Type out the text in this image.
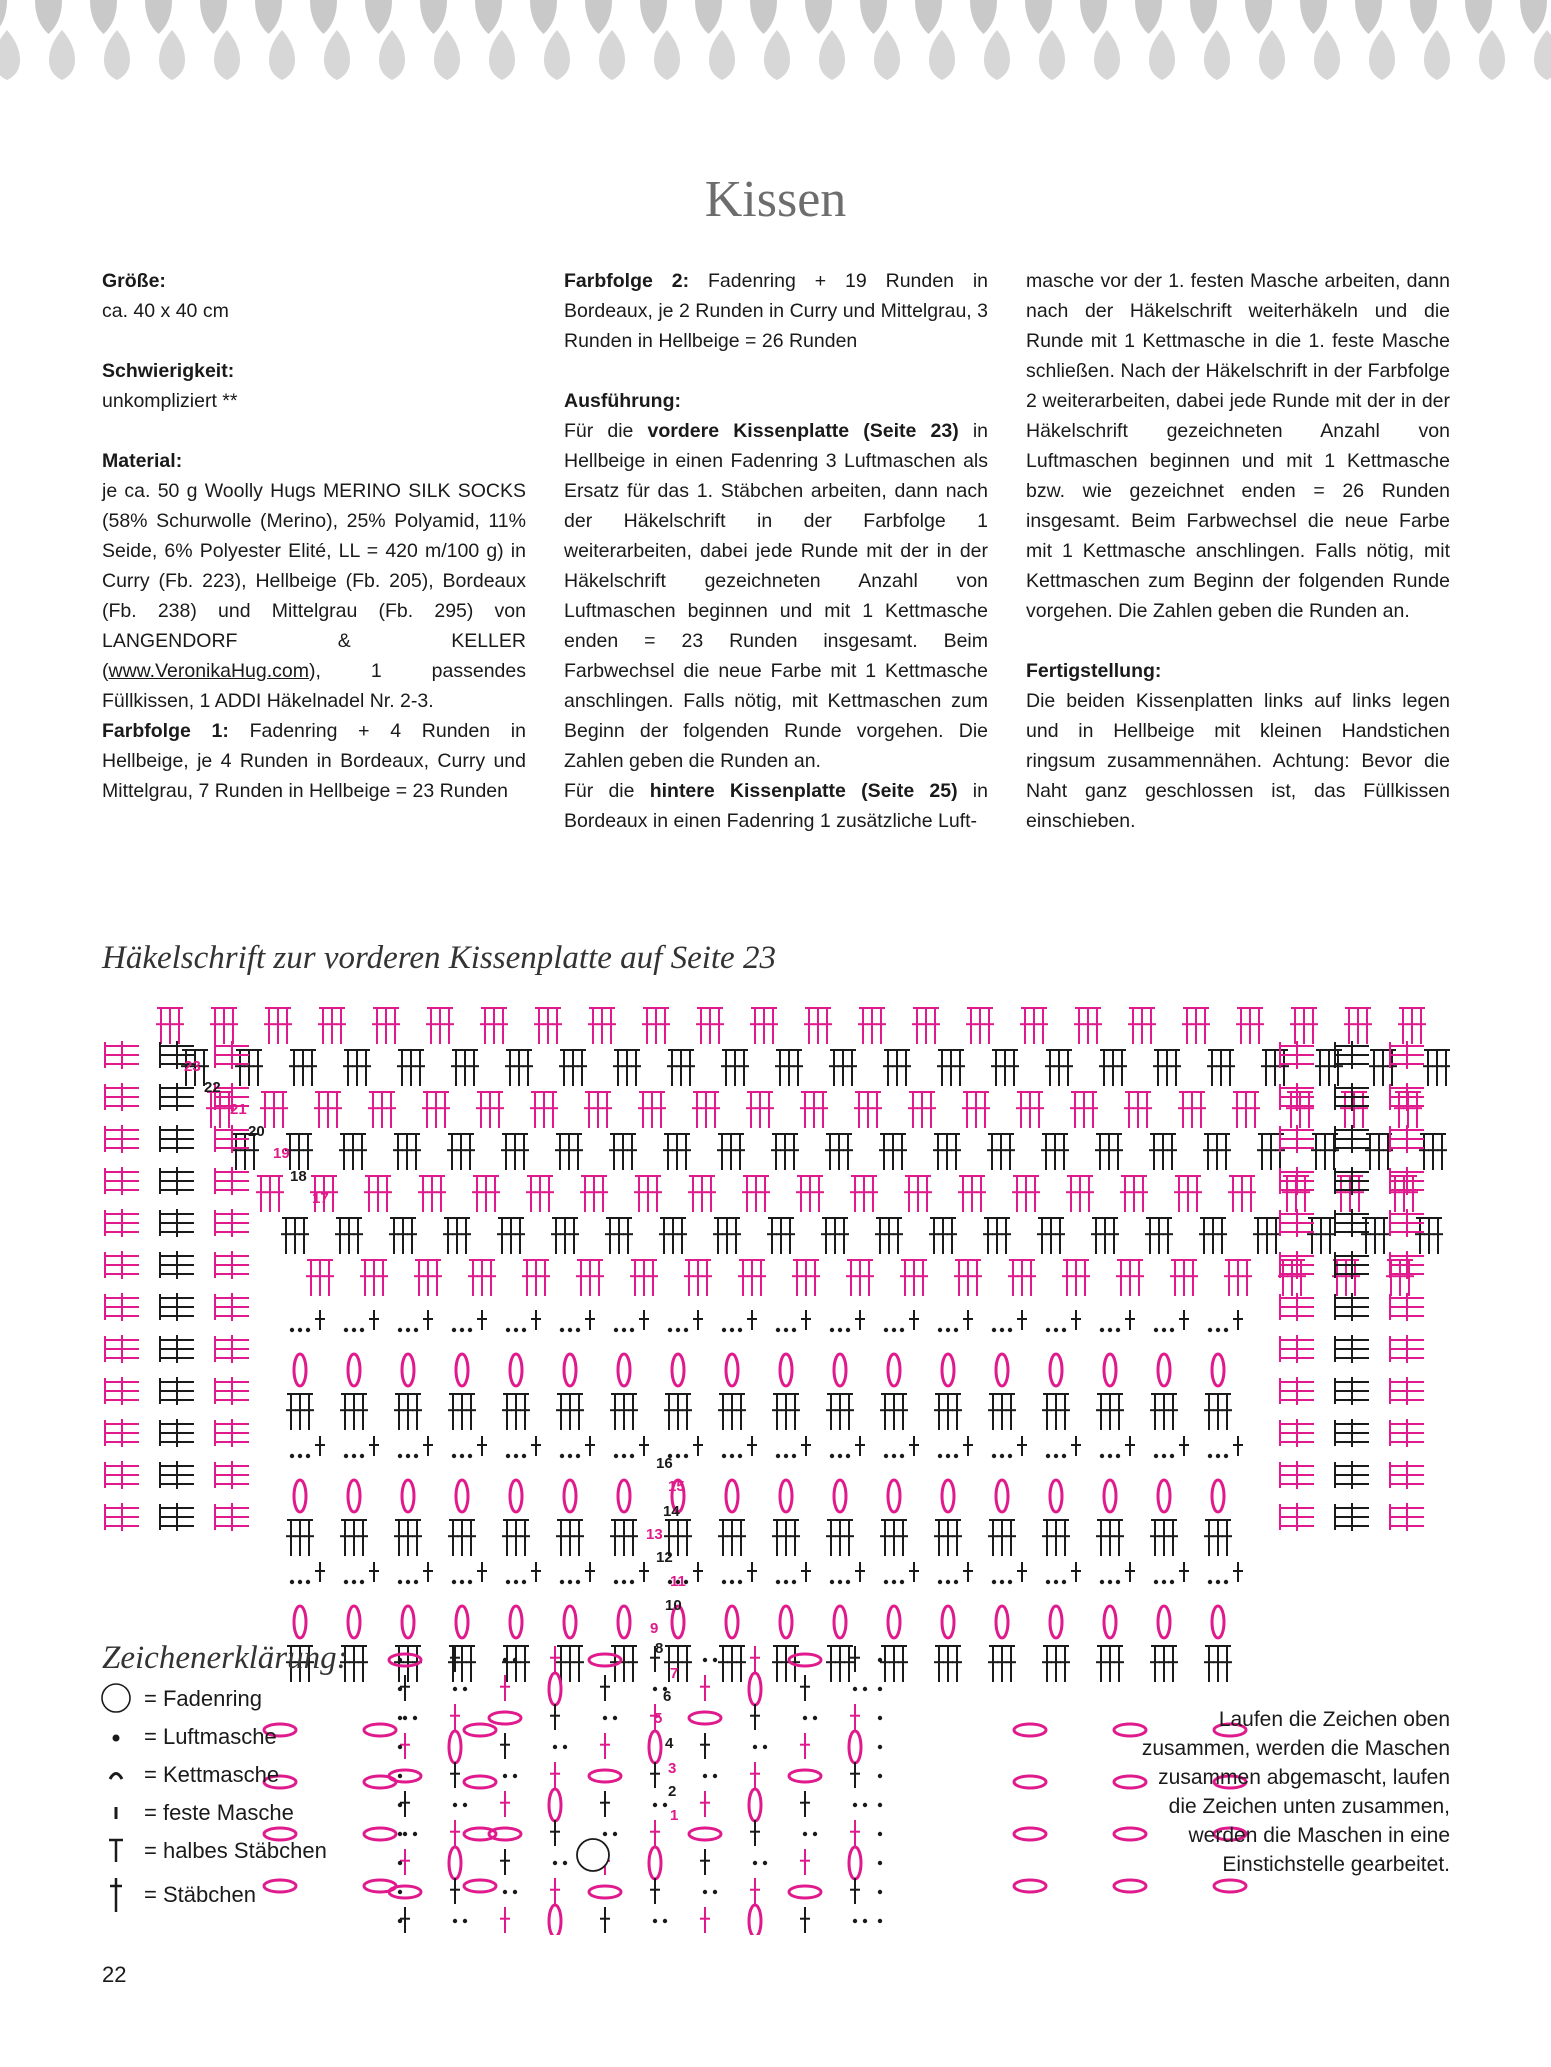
Kissen

Größe:

ca. 40 x 40 cm

Schwierigkeit:

unkompliziert **

Material:

je ca. 50 g Woolly Hugs MERINO SILK SOCKS (58% Schurwolle (Merino), 25% Polyamid, 11% Seide, 6% Polyester Elité, LL = 420 m/100 g) in Curry (Fb. 223), Hellbeige (Fb. 205), Bordeaux (Fb. 238) und Mittelgrau (Fb. 295) von LANGENDORF & KELLER (www.VeronikaHug.com), 1 passendes Füllkissen, 1 ADDI Häkelnadel Nr. 2-3.

Farbfolge 1: Fadenring + 4 Runden in Hellbeige, je 4 Runden in Bordeaux, Curry und Mittelgrau, 7 Runden in Hellbeige = 23 Runden

Farbfolge 2: Fadenring + 19 Runden in Bordeaux, je 2 Runden in Curry und Mittelgrau, 3 Runden in Hellbeige = 26 Runden

Ausführung:

Für die vordere Kissenplatte (Seite 23) in Hellbeige in einen Fadenring 3 Luftmaschen als Ersatz für das 1. Stäbchen arbeiten, dann nach der Häkelschrift in der Farbfolge 1 weiterarbeiten, dabei jede Runde mit der in der Häkelschrift gezeichneten Anzahl von Luftmaschen beginnen und mit 1 Kettmasche enden = 23 Runden insgesamt. Beim Farbwechsel die neue Farbe mit 1 Kettmasche anschlingen. Falls nötig, mit Kettmaschen zum Beginn der folgenden Runde vorgehen. Die Zahlen geben die Runden an.

Für die hintere Kissenplatte (Seite 25) in Bordeaux in einen Fadenring 1 zusätzliche Luft-

masche vor der 1. festen Masche arbeiten, dann nach der Häkelschrift weiterhäkeln und die Runde mit 1 Kettmasche in die 1. feste Masche schließen. Nach der Häkelschrift in der Farbfolge 2 weiterarbeiten, dabei jede Runde mit der in der Häkelschrift gezeichneten Anzahl von Luftmaschen beginnen und mit 1 Kettmasche bzw. wie gezeichnet enden = 26 Runden insgesamt. Beim Farbwechsel die neue Farbe mit 1 Kettmasche anschlingen. Falls nötig, mit Kettmaschen zum Beginn der folgenden Runde vorgehen. Die Zahlen geben die Runden an.

Fertigstellung:

Die beiden Kissenplatten links auf links legen und in Hellbeige mit kleinen Handstichen ringsum zusammennähen. Achtung: Bevor die Naht ganz geschlossen ist, das Füllkissen einschieben.

Häkelschrift zur vorderen Kissenplatte auf Seite 23
1
2
3
4
5
6
7
8
9
10
11
12
13
14
15
16
17
18
19
20
21
22
23
Zeichenerklärung:
= Fadenring
= Luftmasche
= Kettmasche
= feste Masche
= halbes Stäbchen
= Stäbchen
Laufen die Zeichen oben zusammen, werden die Maschen zusammen abgemascht, laufen die Zeichen unten zusammen, werden die Maschen in eine Einstichstelle gearbeitet.
22
